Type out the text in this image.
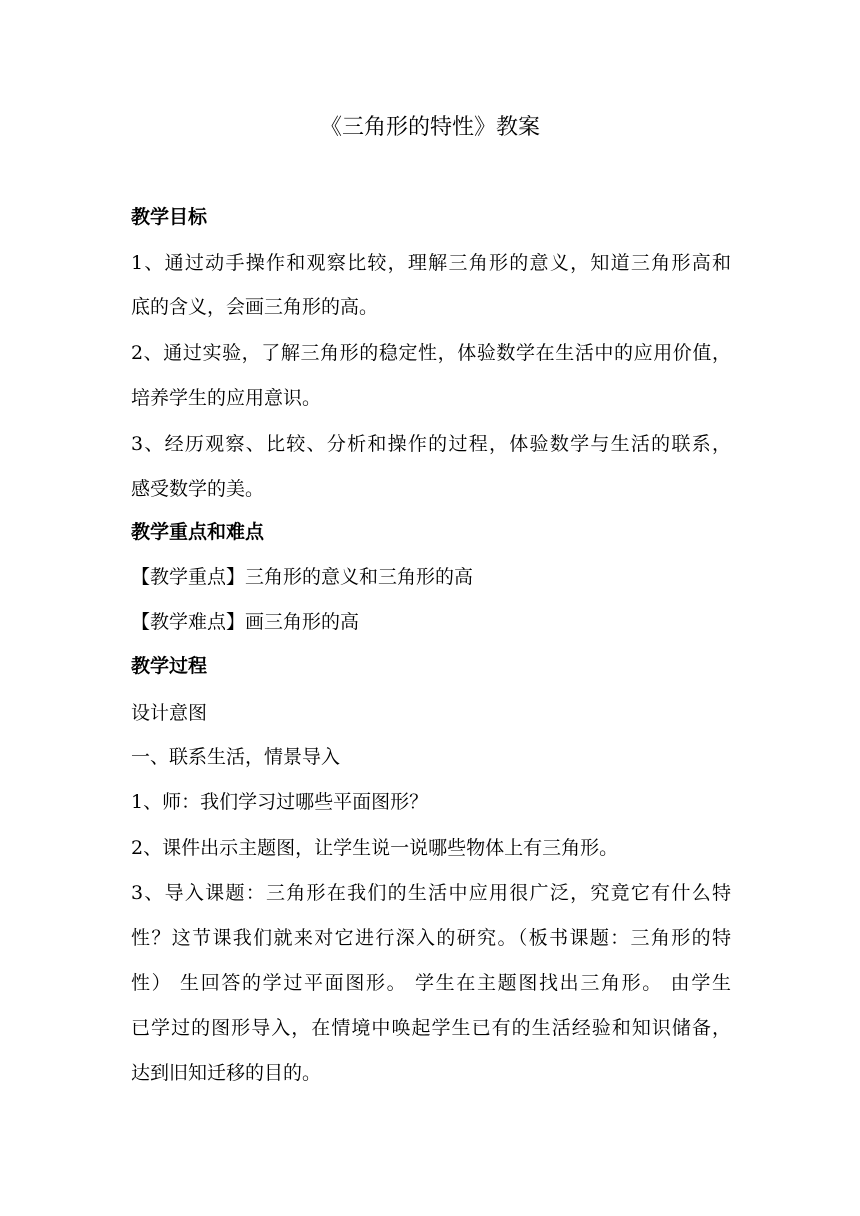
《三角形的特性》教案
教学目标
1、通过动手操作和观察比较，理解三角形的意义，知道三角形高和
底的含义，会画三角形的高。
2、通过实验，了解三角形的稳定性，体验数学在生活中的应用价值，
培养学生的应用意识。
3、经历观察、比较、分析和操作的过程，体验数学与生活的联系，
感受数学的美。
教学重点和难点
【教学重点】三角形的意义和三角形的高
【教学难点】画三角形的高
教学过程
设计意图
一、联系生活，情景导入
1、师：我们学习过哪些平面图形？
2、课件出示主题图，让学生说一说哪些物体上有三角形。
3、导入课题：三角形在我们的生活中应用很广泛，究竟它有什么特
性？这节课我们就来对它进行深入的研究。（板书课题：三角形的特
性） 生回答的学过平面图形。 学生在主题图找出三角形。 由学生
已学过的图形导入，在情境中唤起学生已有的生活经验和知识储备，
达到旧知迁移的目的。
